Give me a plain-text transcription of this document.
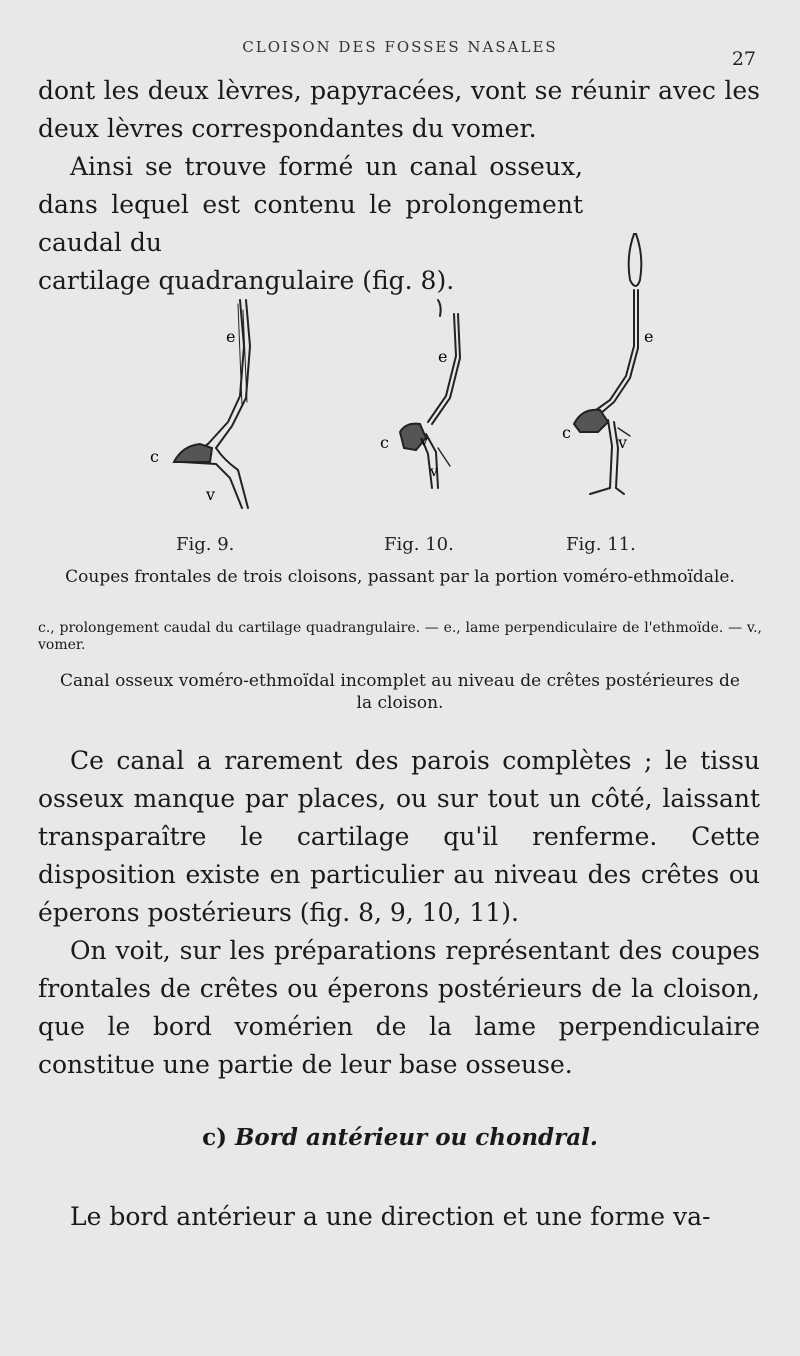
CLOISON DES FOSSES NASALES
27

dont les deux lèvres, papyracées, vont se réunir avec les deux lèvres correspondantes du vomer.

Ainsi se trouve formé un canal osseux, dans lequel est contenu le prolongement caudal du
cartilage quadrangulaire (fig. 8).

e
c
v
e
c v
v
e
c
v
Fig. 9.	Fig. 10.	Fig. 11.

Coupes frontales de trois cloisons, passant par la portion voméro-ethmoïdale.

c., prolongement caudal du cartilage quadrangulaire. — e., lame perpendiculaire de l'ethmoïde. — v., vomer.

Canal osseux voméro-ethmoïdal incomplet au niveau de crêtes postérieures de la cloison.

Ce canal a rarement des parois complètes ; le tissu osseux manque par places, ou sur tout un côté, laissant transparaître le cartilage qu'il renferme. Cette disposition existe en particulier au niveau des crêtes ou éperons postérieurs (fig. 8, 9, 10, 11).

On voit, sur les préparations représentant des coupes frontales de crêtes ou éperons postérieurs de la cloison, que le bord vomérien de la lame perpendiculaire constitue une partie de leur base osseuse.

c) Bord antérieur ou chondral.

Le bord antérieur a une direction et une forme va-
